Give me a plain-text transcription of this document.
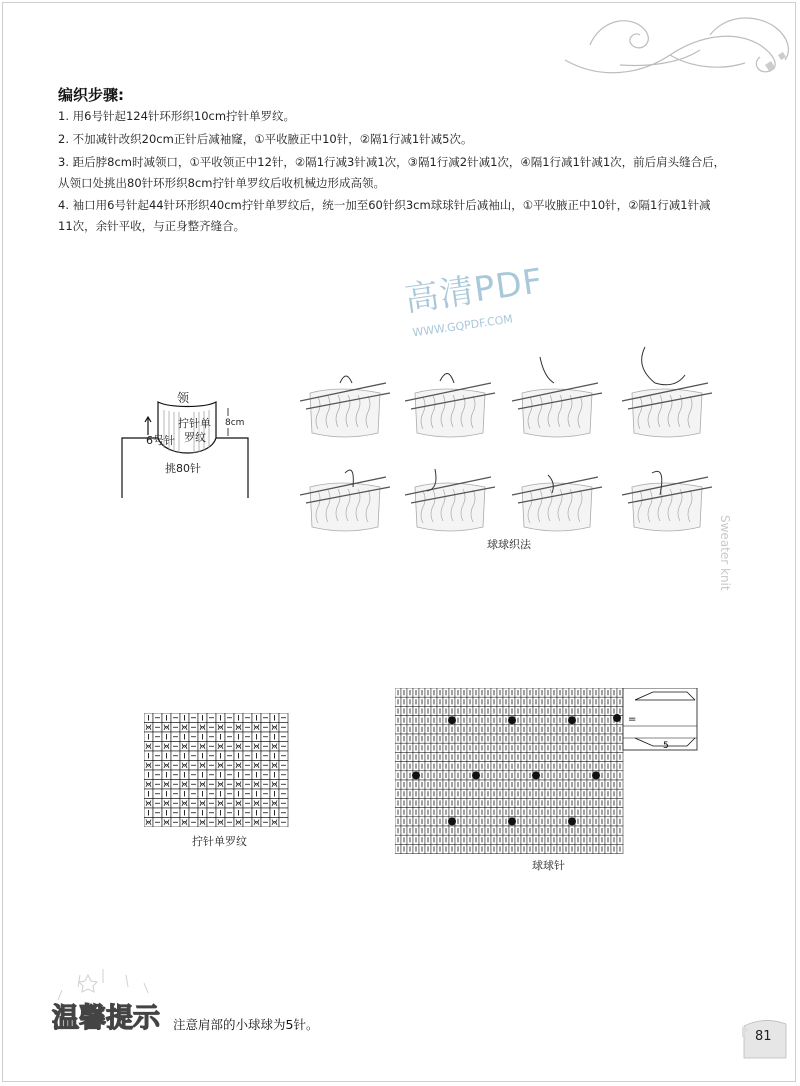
编织步骤:
1. 用6号针起124针环形织10cm拧针单罗纹。
2. 不加减针改织20cm正针后减袖窿，①平收腋正中10针，②隔1行减1针减5次。
3. 距后脖8cm时减领口，①平收领正中12针，②隔1行减3针减1次，③隔1行减2针减1次，④隔1行减1针减1次，前后肩头缝合后，
从领口处挑出80针环形织8cm拧针单罗纹后收机械边形成高领。
4. 袖口用6号针起44针环形织40cm拧针单罗纹后，统一加至60针织3cm球球针后减袖山，①平收腋正中10针，②隔1行减1针减
11次，余针平收，与正身整齐缝合。
高清PDF
WWW.GQPDF.COM
Sweater knit
领
拧针单
罗纹
6号针
8cm
挑80针
球球织法
拧针单罗纹
=
5
球球针
温馨提示 注意肩部的小球球为5针。
81
